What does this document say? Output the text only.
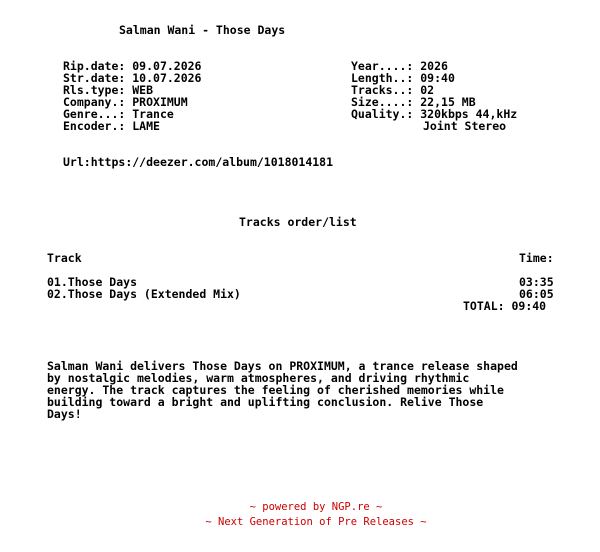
Salman Wani - Those Days
Rip.date: 09.07.2026
Str.date: 10.07.2026
Rls.type: WEB
Company.: PROXIMUM
Genre...: Trance
Encoder.: LAME
Year....: 2026
Length..: 09:40
Tracks..: 02
Size....: 22,15 MB
Quality.: 320kbps 44,kHz
Joint Stereo
Url:https://deezer.com/album/1018014181
Tracks order/list
Track	Time:
01.Those Days	03:35
02.Those Days (Extended Mix)	06:05
TOTAL: 09:40
Salman Wani delivers Those Days on PROXIMUM, a trance release shaped
by nostalgic melodies, warm atmospheres, and driving rhythmic
energy. The track captures the feeling of cherished memories while
building toward a bright and uplifting conclusion. Relive Those
Days!
~ powered by NGP.re ~
~ Next Generation of Pre Releases ~
